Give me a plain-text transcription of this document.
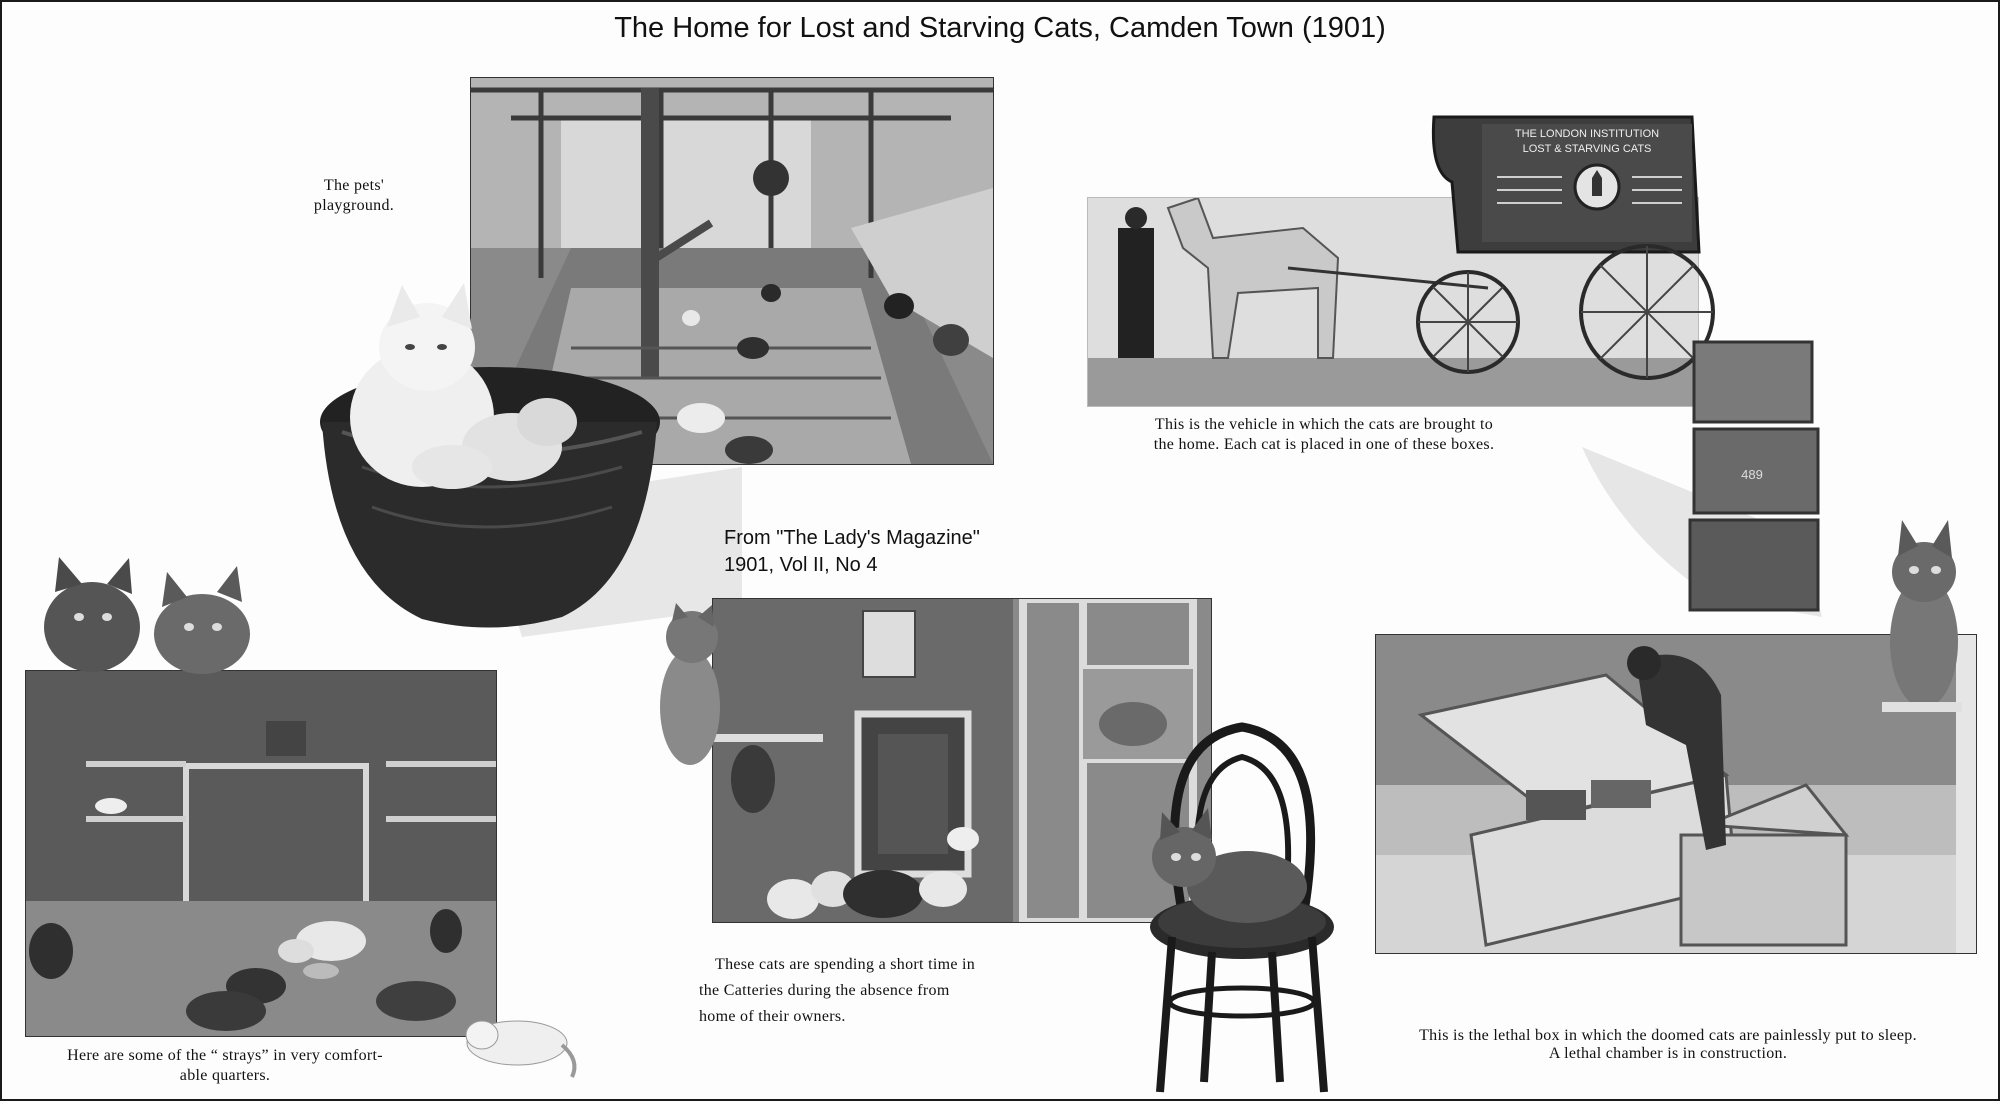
The Home for Lost and Starving Cats, Camden Town (1901)
The pets'
playground.
THE LONDON INSTITUTION
LOST & STARVING CATS
489
This is the vehicle in which the cats are brought to
the home. Each cat is placed in one of these boxes.
From "The Lady's Magazine"
1901, Vol II, No 4
Here are some of the “ strays” in very comfort-
able quarters.
These cats are spending a short time in
the Catteries during the absence from
home of their owners.
This is the lethal box in which the doomed cats are painlessly put to sleep.
A lethal chamber is in construction.
